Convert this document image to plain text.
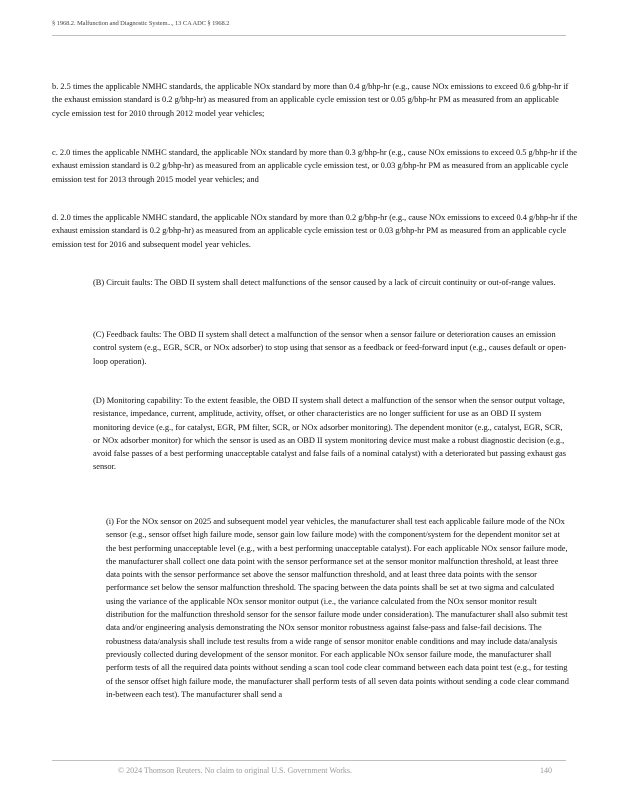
§ 1968.2. Malfunction and Diagnostic System..., 13 CA ADC § 1968.2

b. 2.5 times the applicable NMHC standards, the applicable NOx standard by more than 0.4 g/bhp-hr (e.g., cause NOx emissions to exceed 0.6 g/bhp-hr if the exhaust emission standard is 0.2 g/bhp-hr) as measured from an applicable cycle emission test or 0.05 g/bhp-hr PM as measured from an applicable cycle emission test for 2010 through 2012 model year vehicles;

c. 2.0 times the applicable NMHC standard, the applicable NOx standard by more than 0.3 g/bhp-hr (e.g., cause NOx emissions to exceed 0.5 g/bhp-hr if the exhaust emission standard is 0.2 g/bhp-hr) as measured from an applicable cycle emission test, or 0.03 g/bhp-hr PM as measured from an applicable cycle emission test for 2013 through 2015 model year vehicles; and

d. 2.0 times the applicable NMHC standard, the applicable NOx standard by more than 0.2 g/bhp-hr (e.g., cause NOx emissions to exceed 0.4 g/bhp-hr if the exhaust emission standard is 0.2 g/bhp-hr) as measured from an applicable cycle emission test or 0.03 g/bhp-hr PM as measured from an applicable cycle emission test for 2016 and subsequent model year vehicles.

(B) Circuit faults: The OBD II system shall detect malfunctions of the sensor caused by a lack of circuit continuity or out-of-range values.

(C) Feedback faults: The OBD II system shall detect a malfunction of the sensor when a sensor failure or deterioration causes an emission control system (e.g., EGR, SCR, or NOx adsorber) to stop using that sensor as a feedback or feed-forward input (e.g., causes default or open-loop operation).

(D) Monitoring capability: To the extent feasible, the OBD II system shall detect a malfunction of the sensor when the sensor output voltage, resistance, impedance, current, amplitude, activity, offset, or other characteristics are no longer sufficient for use as an OBD II system monitoring device (e.g., for catalyst, EGR, PM filter, SCR, or NOx adsorber monitoring). The dependent monitor (e.g., catalyst, EGR, SCR, or NOx adsorber monitor) for which the sensor is used as an OBD II system monitoring device must make a robust diagnostic decision (e.g., avoid false passes of a best performing unacceptable catalyst and false fails of a nominal catalyst) with a deteriorated but passing exhaust gas sensor.

(i) For the NOx sensor on 2025 and subsequent model year vehicles, the manufacturer shall test each applicable failure mode of the NOx sensor (e.g., sensor offset high failure mode, sensor gain low failure mode) with the component/system for the dependent monitor set at the best performing unacceptable level (e.g., with a best performing unacceptable catalyst). For each applicable NOx sensor failure mode, the manufacturer shall collect one data point with the sensor performance set at the sensor monitor malfunction threshold, at least three data points with the sensor performance set above the sensor malfunction threshold, and at least three data points with the sensor performance set below the sensor malfunction threshold. The spacing between the data points shall be set at two sigma and calculated using the variance of the applicable NOx sensor monitor output (i.e., the variance calculated from the NOx sensor monitor result distribution for the malfunction threshold sensor for the sensor failure mode under consideration). The manufacturer shall also submit test data and/or engineering analysis demonstrating the NOx sensor monitor robustness against false-pass and false-fail decisions. The robustness data/analysis shall include test results from a wide range of sensor monitor enable conditions and may include data/analysis previously collected during development of the sensor monitor. For each applicable NOx sensor failure mode, the manufacturer shall perform tests of all the required data points without sending a scan tool code clear command between each data point test (e.g., for testing of the sensor offset high failure mode, the manufacturer shall perform tests of all seven data points without sending a code clear command in-between each test). The manufacturer shall send a

© 2024 Thomson Reuters. No claim to original U.S. Government Works.	140
